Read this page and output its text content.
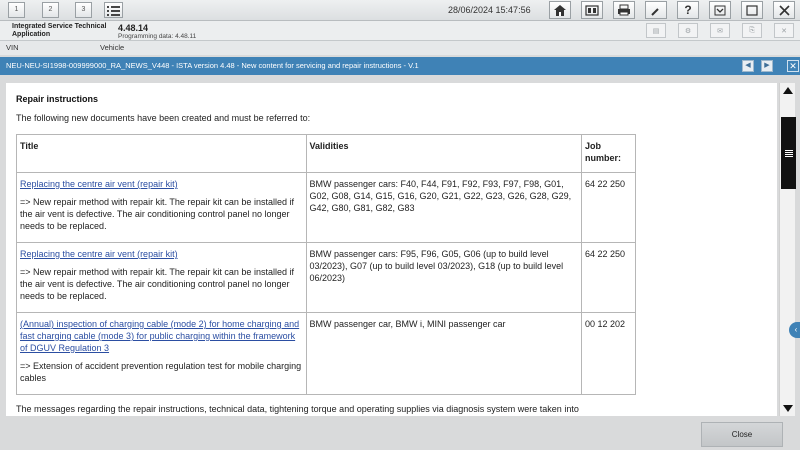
1	2	3	28/06/2024 15:47:56	?
Integrated Service Technical
Application
4.48.14
Programming data: 4.48.11
▤	⚙	✉	⎘	✕
VIN	Vehicle
NEU-NEU-SI1998-009999000_RA_NEWS_V448 - ISTA version 4.48 - New content for servicing and repair instructions - V.1	◀	▶	✕
Repair instructions
The following new documents have been created and must be referred to:
Title	Validities	Job number:

Replacing the centre air vent (repair kit)
=> New repair method with repair kit. The repair kit can be installed if the air vent is defective. The air conditioning control panel no longer needs to be replaced.	BMW passenger cars: F40, F44, F91, F92, F93, F97, F98, G01, G02, G08, G14, G15, G16, G20, G21, G22, G23, G26, G28, G29, G42, G80, G81, G82, G83	64 22 250

Replacing the centre air vent (repair kit)
=> New repair method with repair kit. The repair kit can be installed if the air vent is defective. The air conditioning control panel no longer needs to be replaced.	BMW passenger cars: F95, F96, G05, G06 (up to build level 03/2023), G07 (up to build level 03/2023), G18 (up to build level 06/2023)	64 22 250

(Annual) inspection of charging cable (mode 2) for home charging and fast charging cable (mode 3) for public charging within the framework of DGUV Regulation 3
=> Extension of accident prevention regulation test for mobile charging cables	BMW passenger car, BMW i, MINI passenger car	00 12 202
The messages regarding the repair instructions, technical data, tightening torque and operating supplies via diagnosis system were taken into
‹
Close
